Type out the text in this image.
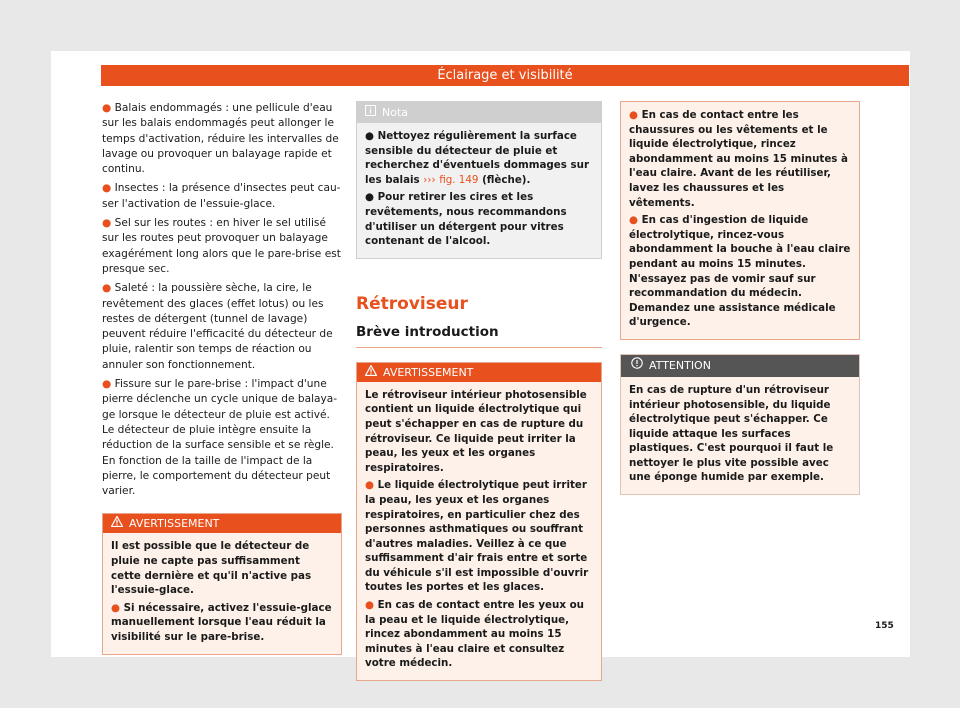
Éclairage et visibilité

● Balais endommagés : une pellicule d'eau sur les balais endommagés peut allonger le temps d'activation, réduire les intervalles de lavage ou provoquer un balayage rapide et continu.

● Insectes : la présence d'insectes peut causer l'activation de l'essuie-glace.

● Sel sur les routes : en hiver le sel utilisé sur les routes peut provoquer un balayage exagérément long alors que le pare-brise est presque sec.

● Saleté : la poussière sèche, la cire, le revêtement des glaces (effet lotus) ou les restes de détergent (tunnel de lavage) peuvent réduire l'efficacité du détecteur de pluie, ralentir son temps de réaction ou annuler son fonctionnement.

● Fissure sur le pare-brise : l'impact d'une pierre déclenche un cycle unique de balayage lorsque le détecteur de pluie est activé. Le détecteur de pluie intègre ensuite la réduction de la surface sensible et se règle. En fonction de la taille de l'impact de la pierre, le comportement du détecteur peut varier.

AVERTISSEMENT

Il est possible que le détecteur de pluie ne capte pas suffisamment cette dernière et qu'il n'active pas l'essuie-glace.

● Si nécessaire, activez l'essuie-glace manuellement lorsque l'eau réduit la visibilité sur le pare-brise.

Nota

● Nettoyez régulièrement la surface sensible du détecteur de pluie et recherchez d'éventuels dommages sur les balais ››› fig. 149 (flèche).

● Pour retirer les cires et les revêtements, nous recommandons d'utiliser un détergent pour vitres contenant de l'alcool.

Rétroviseur
Brève introduction
AVERTISSEMENT

Le rétroviseur intérieur photosensible contient un liquide électrolytique qui peut s'échapper en cas de rupture du rétroviseur. Ce liquide peut irriter la peau, les yeux et les organes respiratoires.

● Le liquide électrolytique peut irriter la peau, les yeux et les organes respiratoires, en particulier chez des personnes asthmatiques ou souffrant d'autres maladies. Veillez à ce que suffisamment d'air frais entre et sorte du véhicule s'il est impossible d'ouvrir toutes les portes et les glaces.

● En cas de contact entre les yeux ou la peau et le liquide électrolytique, rincez abondamment au moins 15 minutes à l'eau claire et consultez votre médecin.

● En cas de contact entre les chaussures ou les vêtements et le liquide électrolytique, rincez abondamment au moins 15 minutes à l'eau claire. Avant de les réutiliser, lavez les chaussures et les vêtements.

● En cas d'ingestion de liquide électrolytique, rincez-vous abondamment la bouche à l'eau claire pendant au moins 15 minutes. N'essayez pas de vomir sauf sur recommandation du médecin. Demandez une assistance médicale d'urgence.

ATTENTION

En cas de rupture d'un rétroviseur intérieur photosensible, du liquide électrolytique peut s'échapper. Ce liquide attaque les surfaces plastiques. C'est pourquoi il faut le nettoyer le plus vite possible avec une éponge humide par exemple.

155
